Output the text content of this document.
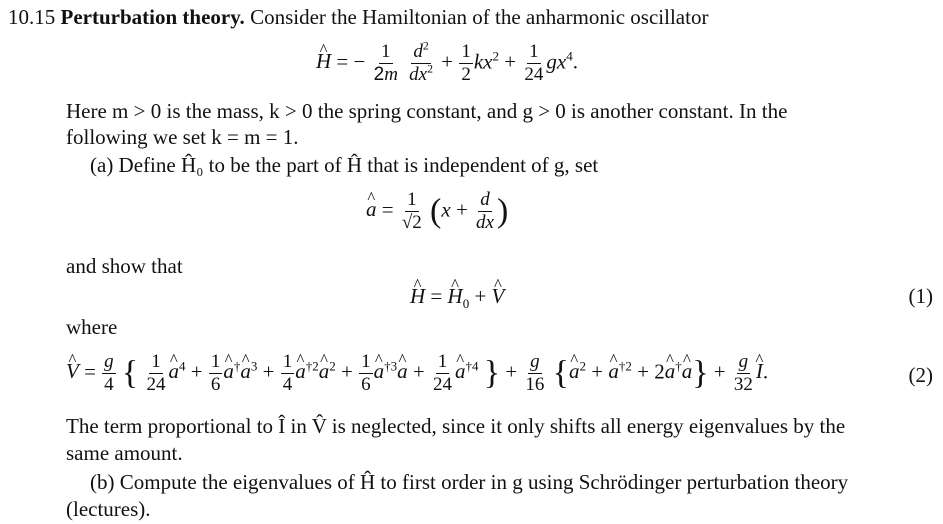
10.15 Perturbation theory. Consider the Hamiltonian of the anharmonic oscillator
^ H = − $\frac{1}{2m}$
$\frac{d^2}{dx^2} + \frac{1}{2} kx^2 + \frac{1}{24} gx^4$.
Here m > 0 is the mass, k > 0 the spring constant, and g > 0 is another constant. In the
following we set k = m = 1.
(a) Define Ĥ₀ to be the part of Ĥ that is independent of g, set
^ $a = \frac{1}{√2} (x + \frac{d}{dx}$ )
and show that
^ H = ^ $H_0$ + ^ V	(1)
where
^ $V = \frac{g}{4}$ { $\frac{1}{24}$ ^ $a^4 + \frac{1}{6}$ ^ a†^ $a^3 + \frac{1}{4}$ ^ $a^{\dagger 2}\^{}$ $a^2 + \frac{1}{6}$ ^ $a^{\dagger 3}\^{}$ $a + \frac{1}{24}$ ^ $a^{\dagger 4}$ } + $\frac{g}{16}$ {^ $a^2$ + ^ $a^{\dagger 2}$ + 2^ a†^ $a\} + \frac{g}{32}$ ^ I.	(2)
The term proportional to Î in V̂ is neglected, since it only shifts all energy eigenvalues by the
same amount.
(b) Compute the eigenvalues of Ĥ to first order in g using Schrödinger perturbation theory
(lectures).
